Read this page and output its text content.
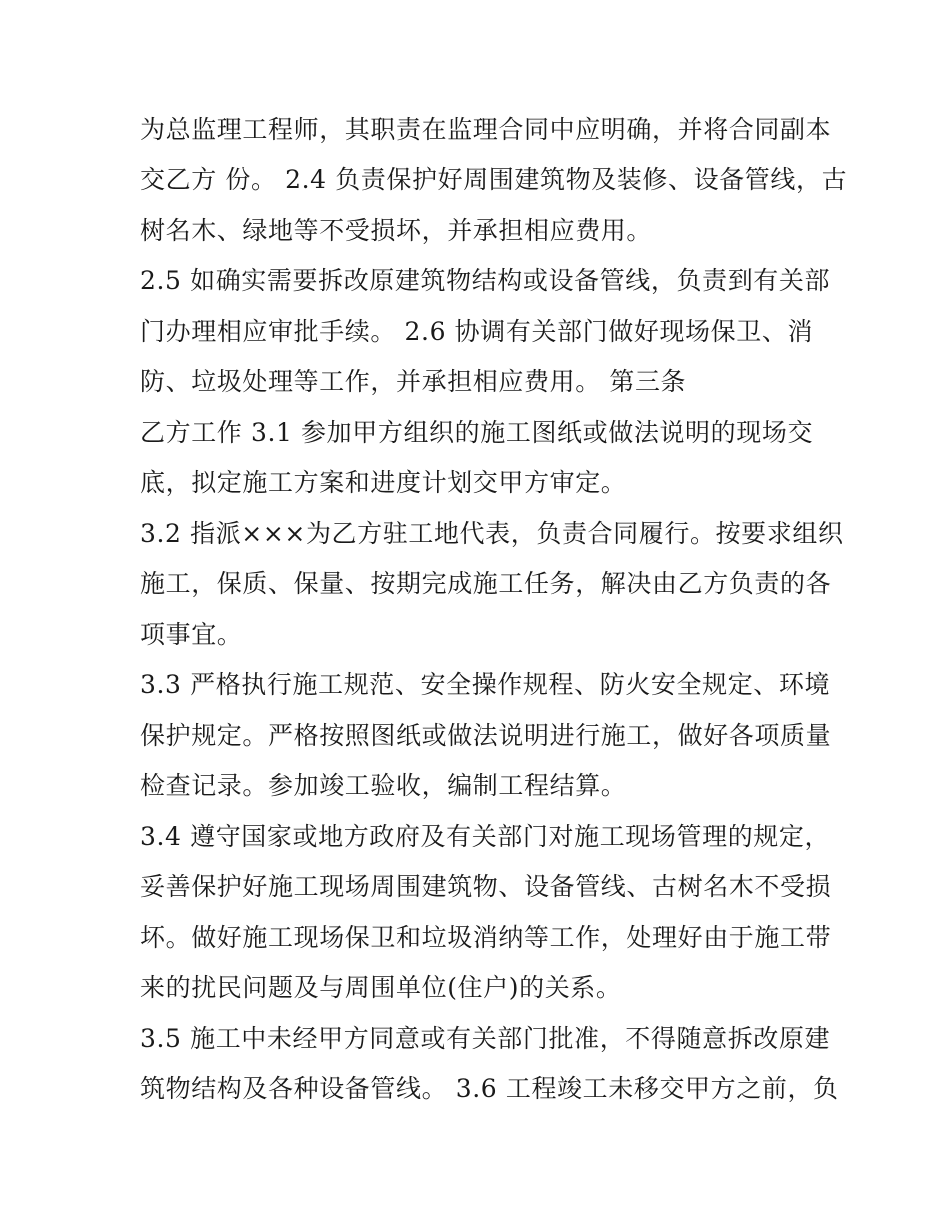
为总监理工程师，其职责在监理合同中应明确，并将合同副本
交乙方 份。 2.4 负责保护好周围建筑物及装修、设备管线，古
树名木、绿地等不受损坏，并承担相应费用。
2.5 如确实需要拆改原建筑物结构或设备管线，负责到有关部
门办理相应审批手续。 2.6 协调有关部门做好现场保卫、消
防、垃圾处理等工作，并承担相应费用。 第三条
乙方工作 3.1 参加甲方组织的施工图纸或做法说明的现场交
底，拟定施工方案和进度计划交甲方审定。
3.2 指派×××为乙方驻工地代表，负责合同履行。按要求组织
施工，保质、保量、按期完成施工任务，解决由乙方负责的各
项事宜。
3.3 严格执行施工规范、安全操作规程、防火安全规定、环境
保护规定。严格按照图纸或做法说明进行施工，做好各项质量
检查记录。参加竣工验收，编制工程结算。
3.4 遵守国家或地方政府及有关部门对施工现场管理的规定，
妥善保护好施工现场周围建筑物、设备管线、古树名木不受损
坏。做好施工现场保卫和垃圾消纳等工作，处理好由于施工带
来的扰民问题及与周围单位(住户)的关系。
3.5 施工中未经甲方同意或有关部门批准，不得随意拆改原建
筑物结构及各种设备管线。 3.6 工程竣工未移交甲方之前，负
